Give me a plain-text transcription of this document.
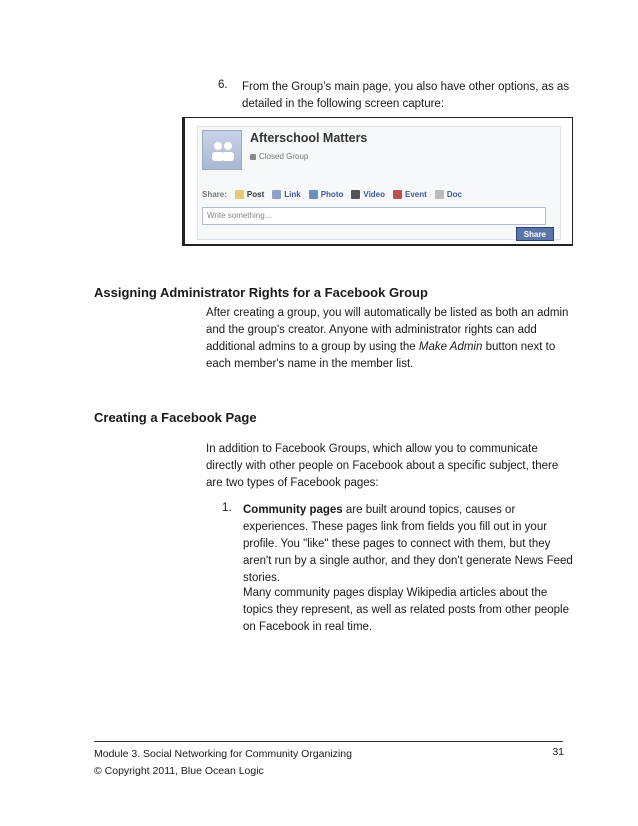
6. From the Group’s main page, you also have other options, as as detailed in the following screen capture:
Afterschool Matters
Closed Group
Share:	Post	Link	Photo	Video	Event	Doc
Write something...
Share
Assigning Administrator Rights for a Facebook Group
After creating a group, you will automatically be listed as both an admin and the group's creator. Anyone with administrator rights can add additional admins to a group by using the Make Admin button next to each member's name in the member list.
Creating a Facebook Page
In addition to Facebook Groups, which allow you to communicate directly with other people on Facebook about a specific subject, there are two types of Facebook pages:
1. Community pages are built around topics, causes or experiences. These pages link from fields you fill out in your profile. You "like" these pages to connect with them, but they aren't run by a single author, and they don't generate News Feed stories.
Many community pages display Wikipedia articles about the topics they represent, as well as related posts from other people on Facebook in real time.
Module 3. Social Networking for Community Organizing
© Copyright 2011, Blue Ocean Logic
31
